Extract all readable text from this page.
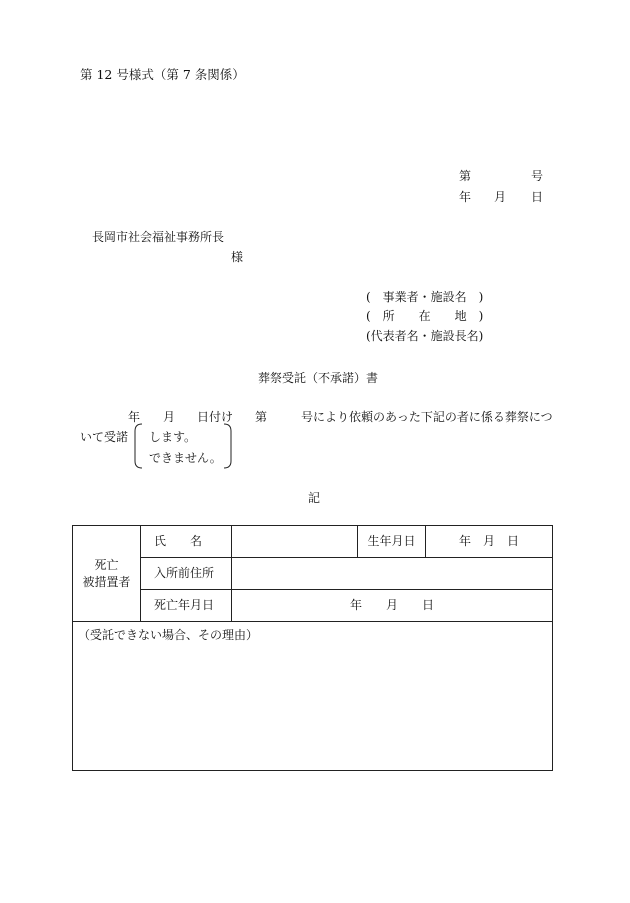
第 12 号様式（第 7 条関係）
第	号
年 月 日
長岡市社会福祉事務所長
様
(　事業者・施設名　)
(　所　　在　　地　)
(代表者名・施設長名)
葬祭受託（不承諾）書
年 月 日付け 第	号により依頼のあった下記の者に係る葬祭につ
いて受諾 します。
できません。
記
死亡
被措置者	氏　　名		生年月日	年　月　日
	入所前住所			
	死亡年月日	年　　月　　日		
（受託できない場合、その理由）				
